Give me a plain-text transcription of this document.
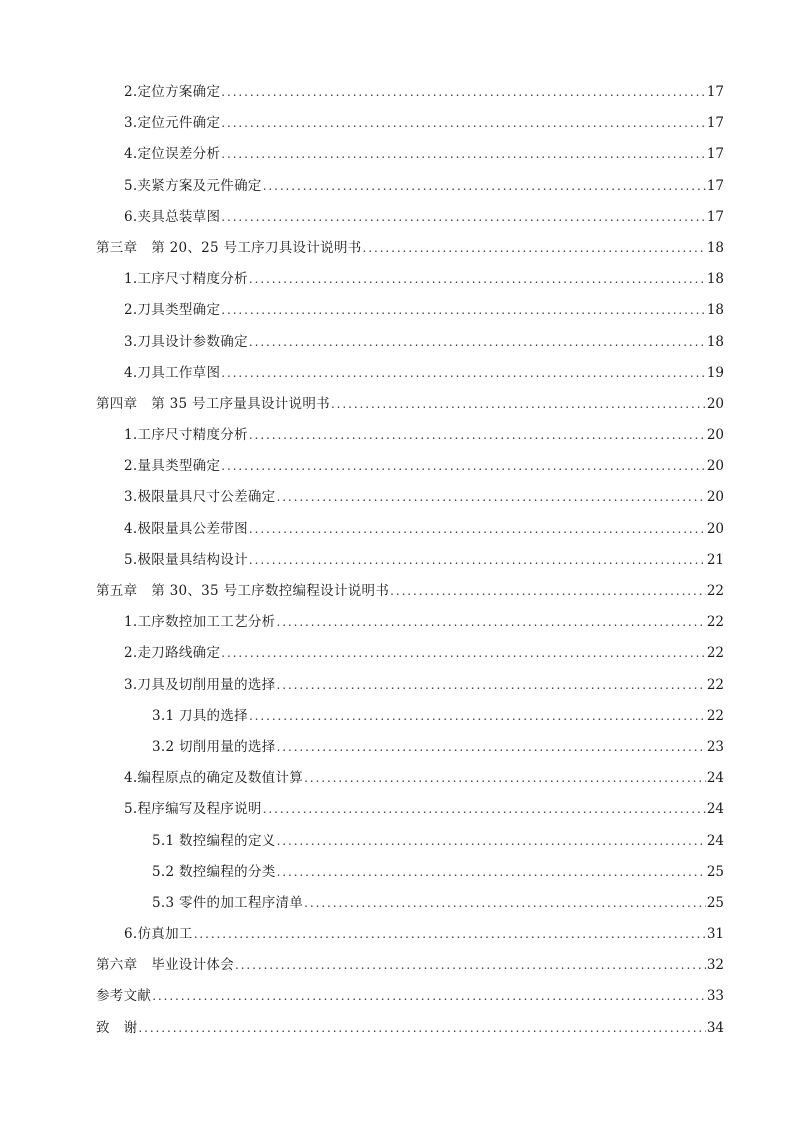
2.定位方案确定 .....	17
3.定位元件确定 .....	17
4.定位误差分析 .....	17
5.夹紧方案及元件确定 .....	17
6.夹具总装草图 .....	17
第三章　第 20、25 号工序刀具设计说明书 .....	18
1.工序尺寸精度分析 .....	18
2.刀具类型确定 .....	18
3.刀具设计参数确定 .....	18
4.刀具工作草图 .....	19
第四章　第 35 号工序量具设计说明书 .....	20
1.工序尺寸精度分析 .....	20
2.量具类型确定 .....	20
3.极限量具尺寸公差确定 .....	20
4.极限量具公差带图 .....	20
5.极限量具结构设计 .....	21
第五章　第 30、35 号工序数控编程设计说明书 .....	22
1.工序数控加工工艺分析 .....	22
2.走刀路线确定 .....	22
3.刀具及切削用量的选择 .....	22
3.1 刀具的选择 .....	22
3.2 切削用量的选择 .....	23
4.编程原点的确定及数值计算 .....	24
5.程序编写及程序说明 .....	24
5.1 数控编程的定义 .....	24
5.2 数控编程的分类 .....	25
5.3 零件的加工程序清单 .....	25
6.仿真加工 .....	31
第六章　毕业设计体会 .....	32
参考文献 .....	33
致　谢 .....	34
